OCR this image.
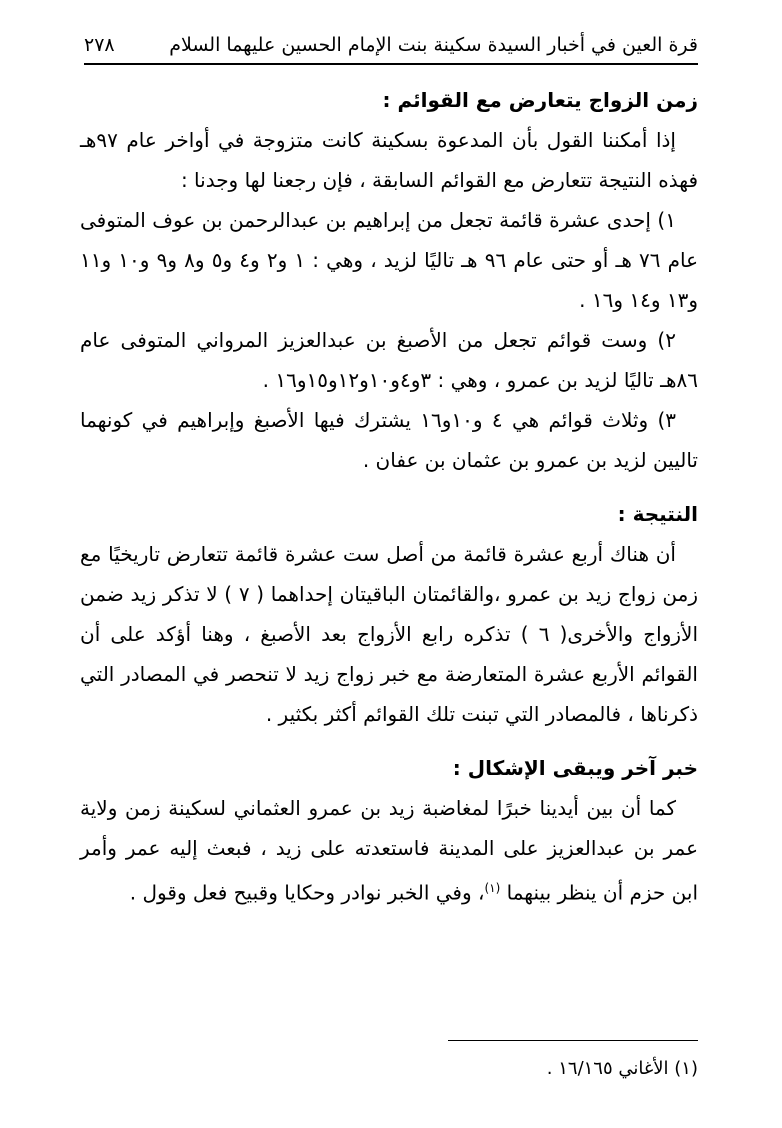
قرة العين في أخبار السيدة سكينة بنت الإمام الحسين عليهما السلام
٢٧٨

زمن الزواج يتعارض مع القوائم :

إذا أمكننا القول بأن المدعوة بسكينة كانت متزوجة في أواخر عام ٩٧هـ فهذه النتيجة تتعارض مع القوائم السابقة ، فإن رجعنا لها وجدنا :

١) إحدى عشرة قائمة تجعل من إبراهيم بن عبدالرحمن بن عوف المتوفى عام ٧٦ هـ أو حتى عام ٩٦ هـ تاليًا لزيد ، وهي : ١ و٢ و٤ و٥ و٨ و٩ و١٠ و١١ و١٣ و١٤ و١٦ .

٢) وست قوائم تجعل من الأصبغ بن عبدالعزيز المرواني المتوفى عام ٨٦هـ تاليًا لزيد بن عمرو ، وهي : ٣و٤و١٠و١٢و١٥و١٦ .

٣) وثلاث قوائم هي ٤ و١٠و١٦ يشترك فيها الأصبغ وإبراهيم في كونهما تاليين لزيد بن عمرو بن عثمان بن عفان .

النتيجة :

أن هناك أربع عشرة قائمة من أصل ست عشرة قائمة تتعارض تاريخيًا مع زمن زواج زيد بن عمرو ،والقائمتان الباقيتان إحداهما ( ٧ ) لا تذكر زيد ضمن الأزواج والأخرى( ٦ ) تذكره رابع الأزواج بعد الأصبغ ، وهنا أؤكد على أن القوائم الأربع عشرة المتعارضة مع خبر زواج زيد لا تنحصر في المصادر التي ذكرناها ، فالمصادر التي تبنت تلك القوائم أكثر بكثير .

خبر آخر ويبقى الإشكال :

كما أن بين أيدينا خبرًا لمغاضبة زيد بن عمرو العثماني لسكينة زمن ولاية عمر بن عبدالعزيز على المدينة فاستعدته على زيد ، فبعث إليه عمر وأمر ابن حزم أن ينظر بينهما $^{(١)}$، وفي الخبر نوادر وحكايا وقبيح فعل وقول .

(١) الأغاني ١٦/١٦٥ .
